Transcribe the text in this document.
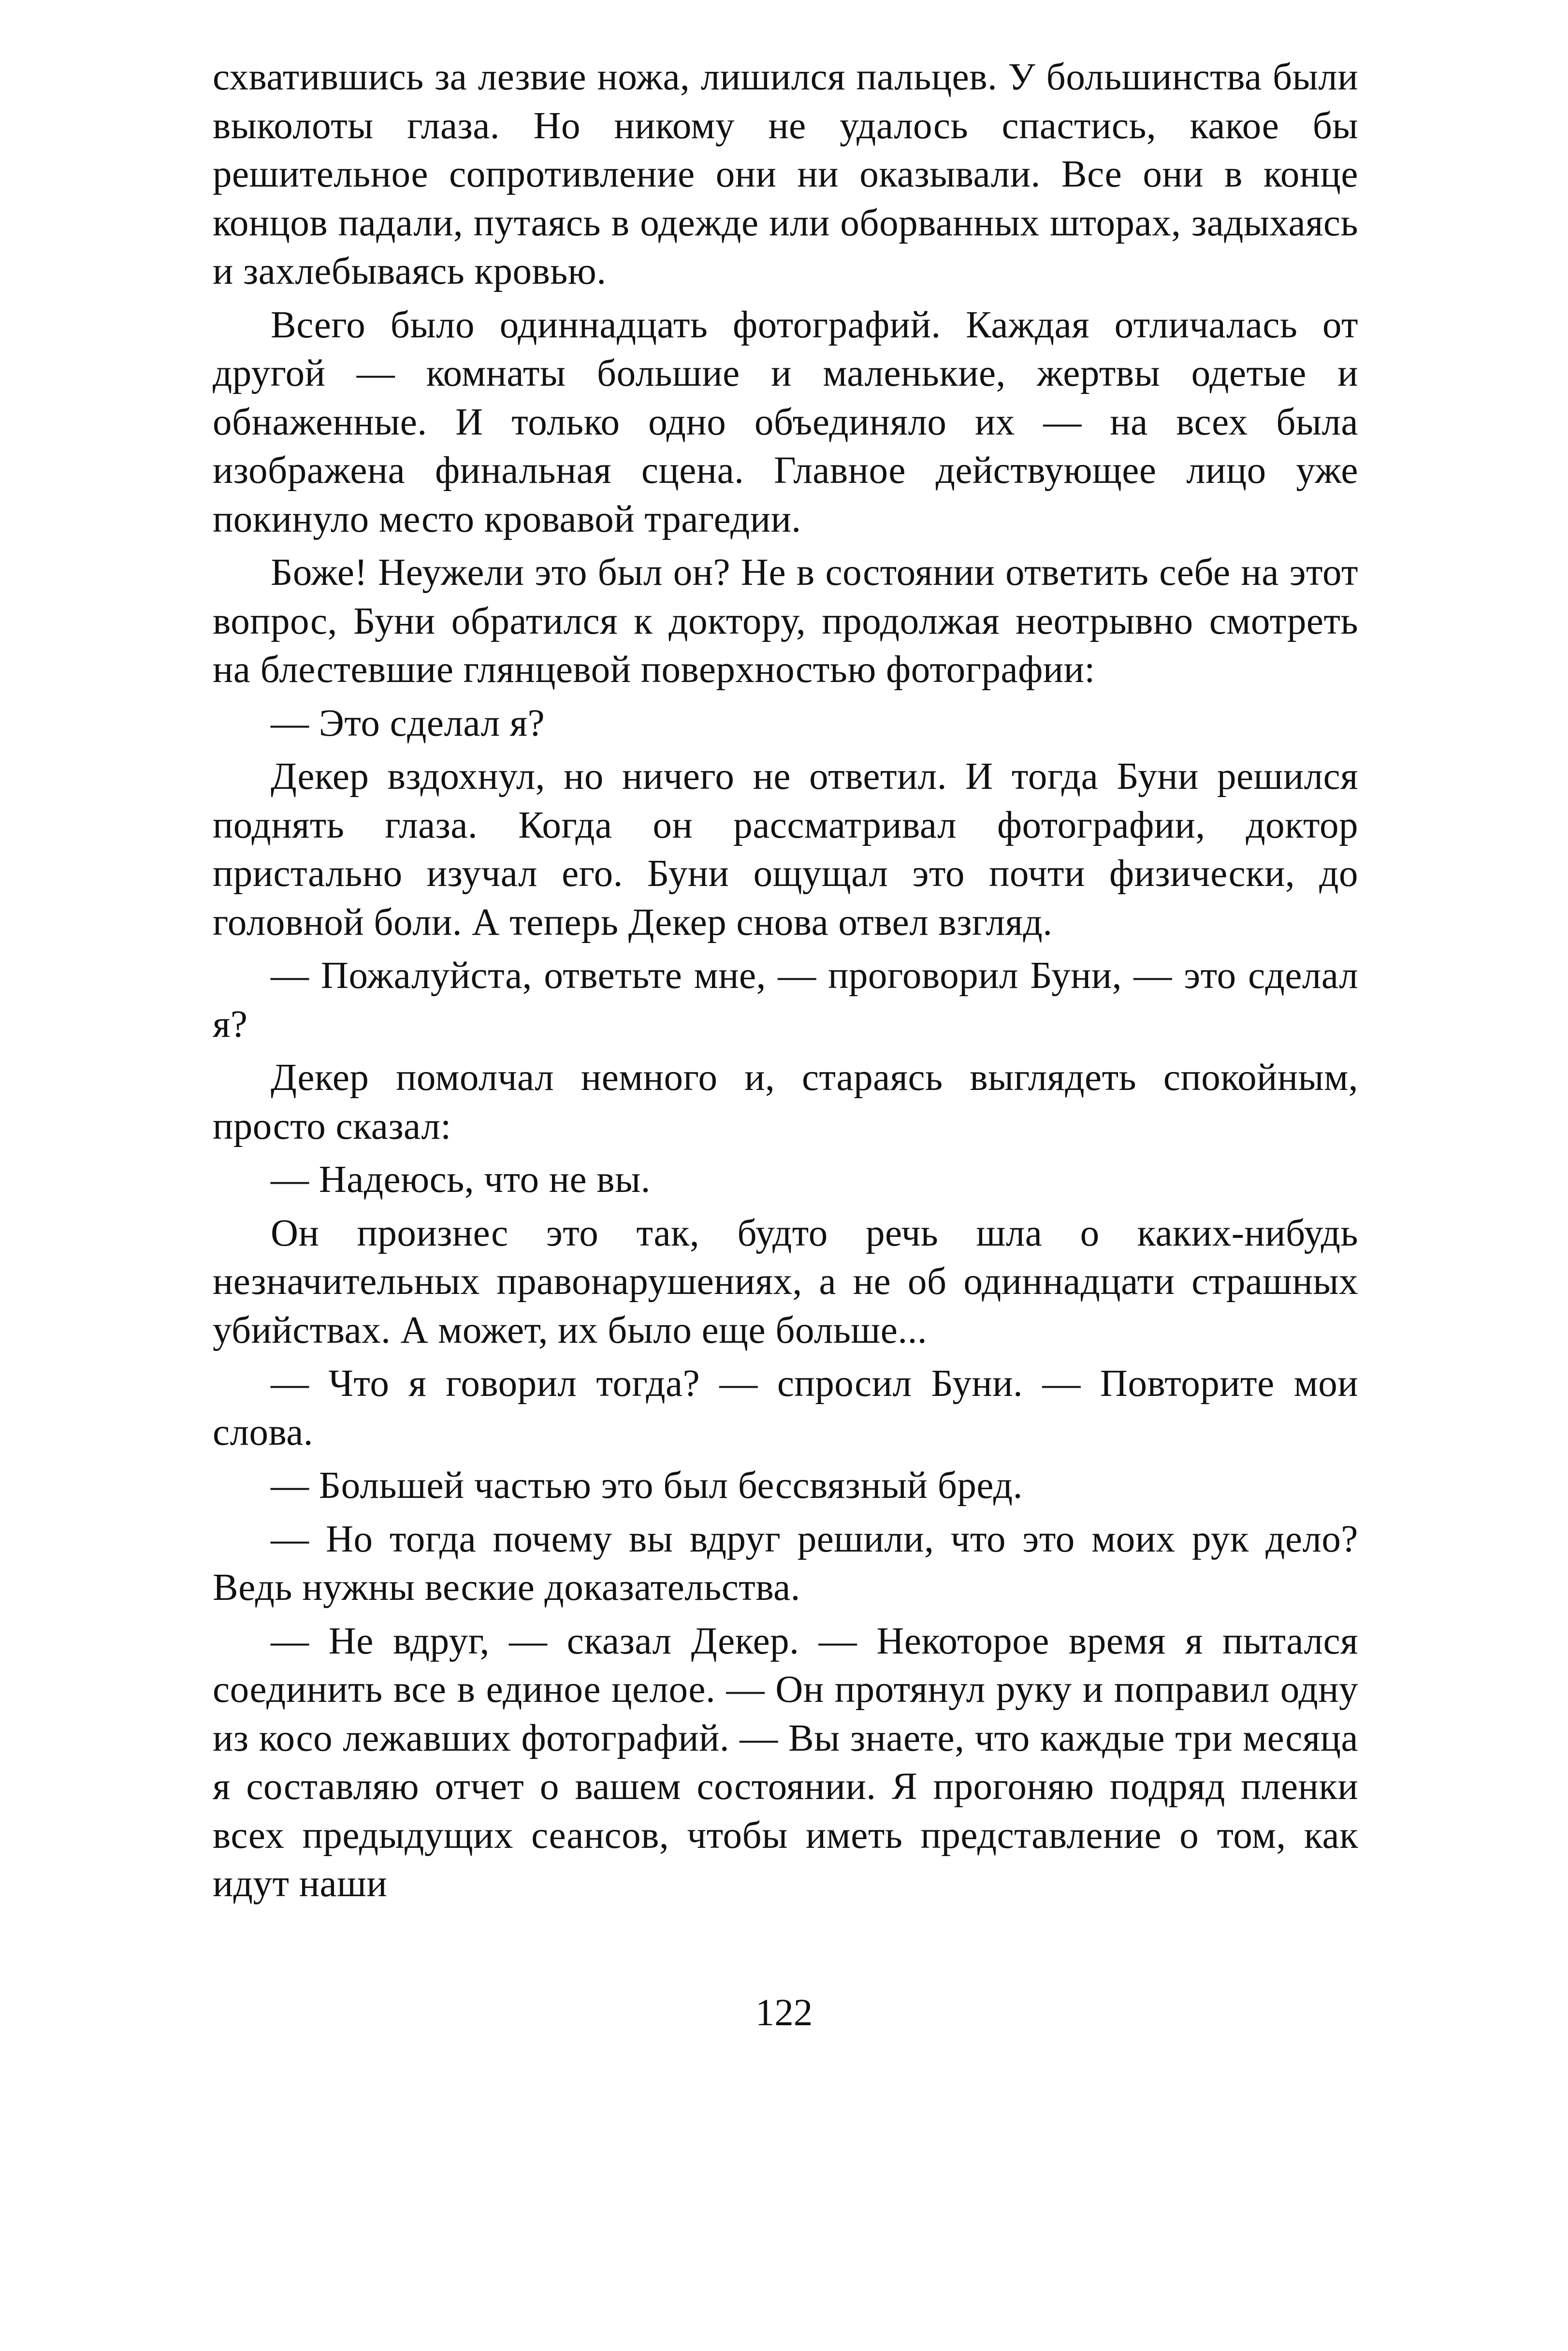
схватившись за лезвие ножа, лишился пальцев. У большинства были выколоты глаза. Но никому не удалось спастись, какое бы решительное сопротивление они ни оказывали. Все они в конце концов падали, путаясь в одежде или оборванных шторах, задыхаясь и захлебываясь кровью.

Всего было одиннадцать фотографий. Каждая отличалась от другой — комнаты большие и маленькие, жертвы одетые и обнаженные. И только одно объединяло их — на всех была изображена финальная сцена. Главное действующее лицо уже покинуло место кровавой трагедии.

Боже! Неужели это был он? Не в состоянии ответить себе на этот вопрос, Буни обратился к доктору, продолжая неотрывно смотреть на блестевшие глянцевой поверхностью фотографии:

— Это сделал я?

Декер вздохнул, но ничего не ответил. И тогда Буни решился поднять глаза. Когда он рассматривал фотографии, доктор пристально изучал его. Буни ощущал это почти физически, до головной боли. А теперь Декер снова отвел взгляд.

— Пожалуйста, ответьте мне, — проговорил Буни, — это сделал я?

Декер помолчал немного и, стараясь выглядеть спокойным, просто сказал:

— Надеюсь, что не вы.

Он произнес это так, будто речь шла о каких-нибудь незначительных правонарушениях, а не об одиннадцати страшных убийствах. А может, их было еще больше...

— Что я говорил тогда? — спросил Буни. — Повторите мои слова.

— Большей частью это был бессвязный бред.

— Но тогда почему вы вдруг решили, что это моих рук дело? Ведь нужны веские доказательства.

— Не вдруг, — сказал Декер. — Некоторое время я пытался соединить все в единое целое. — Он протянул руку и поправил одну из косо лежавших фотографий. — Вы знаете, что каждые три месяца я составляю отчет о вашем состоянии. Я прогоняю подряд пленки всех предыдущих сеансов, чтобы иметь представление о том, как идут наши

122
